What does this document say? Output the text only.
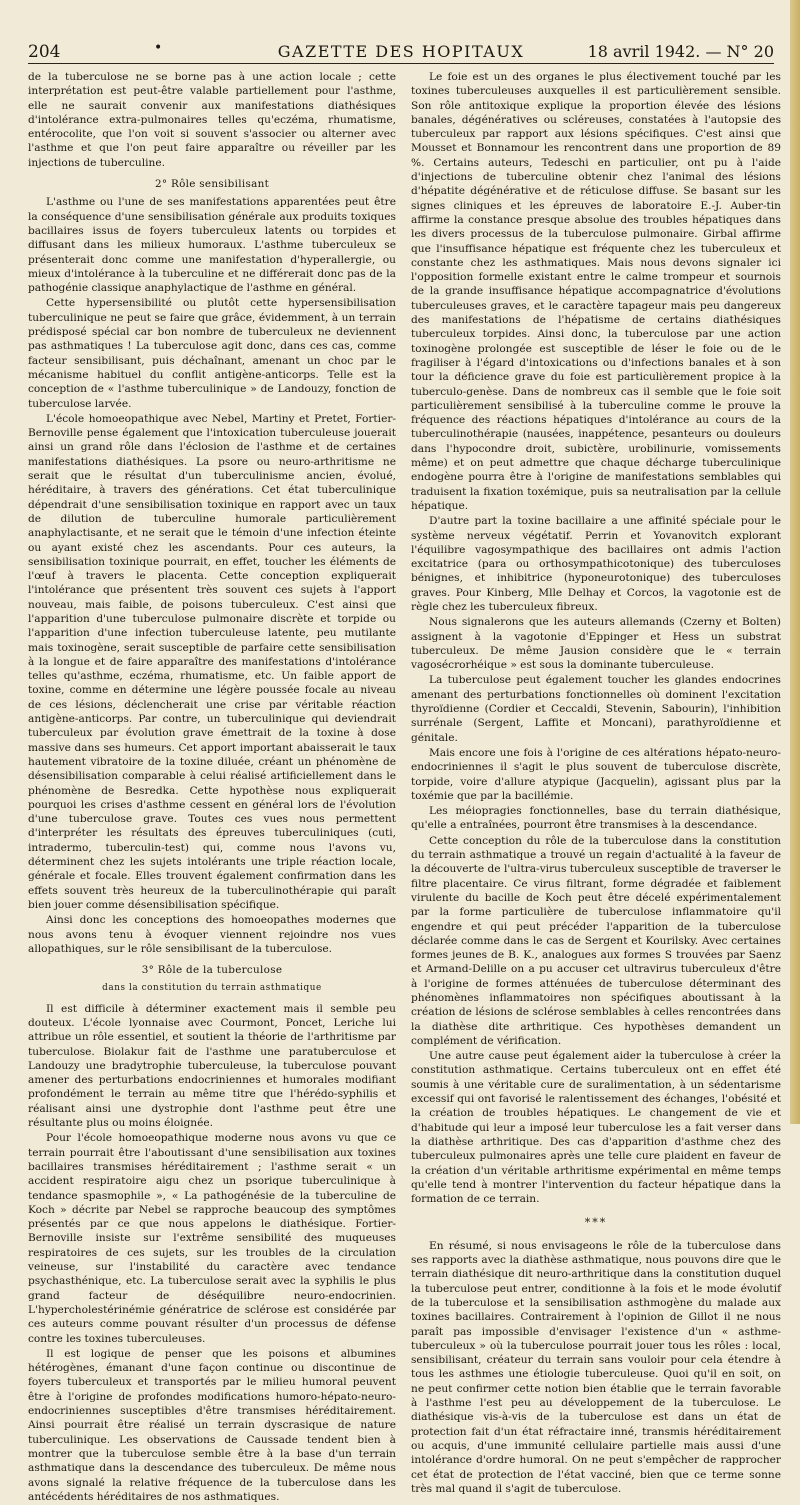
204	•	GAZETTE DES HOPITAUX	18 avril 1942. — N° 20

de la tuberculose ne se borne pas à une action locale ; cette interprétation est peut-être valable partiellement pour l'asthme, elle ne saurait convenir aux manifestations diathésiques d'intolérance extra-pulmonaires telles qu'eczéma, rhumatisme, entérocolite, que l'on voit si souvent s'associer ou alterner avec l'asthme et que l'on peut faire apparaître ou réveiller par les injections de tuberculine.

2° Rôle sensibilisant

L'asthme ou l'une de ses manifestations apparentées peut être la conséquence d'une sensibilisation générale aux produits toxiques bacillaires issus de foyers tuberculeux latents ou torpides et diffusant dans les milieux humoraux. L'asthme tuberculeux se présenterait donc comme une manifestation d'hyperallergie, ou mieux d'intolérance à la tuberculine et ne différerait donc pas de la pathogénie classique anaphylactique de l'asthme en général.

Cette hypersensibilité ou plutôt cette hypersensibilisation tuberculinique ne peut se faire que grâce, évidemment, à un terrain prédisposé spécial car bon nombre de tuberculeux ne deviennent pas asthmatiques ! La tuberculose agit donc, dans ces cas, comme facteur sensibilisant, puis déchaînant, amenant un choc par le mécanisme habituel du conflit antigène-anticorps. Telle est la conception de « l'asthme tuberculinique » de Landouzy, fonction de tuberculose larvée.

L'école homoeopathique avec Nebel, Martiny et Pretet, Fortier-Bernoville pense également que l'intoxication tuberculeuse jouerait ainsi un grand rôle dans l'éclosion de l'asthme et de certaines manifestations diathésiques. La psore ou neuro-arthritisme ne serait que le résultat d'un tuberculinisme ancien, évolué, héréditaire, à travers des générations. Cet état tuberculinique dépendrait d'une sensibilisation toxinique en rapport avec un taux de dilution de tuberculine humorale particulièrement anaphylactisante, et ne serait que le témoin d'une infection éteinte ou ayant existé chez les ascendants. Pour ces auteurs, la sensibilisation toxinique pourrait, en effet, toucher les éléments de l'œuf à travers le placenta. Cette conception expliquerait l'intolérance que présentent très souvent ces sujets à l'apport nouveau, mais faible, de poisons tuberculeux. C'est ainsi que l'apparition d'une tuberculose pulmonaire discrète et torpide ou l'apparition d'une infection tuberculeuse latente, peu mutilante mais toxinogène, serait susceptible de parfaire cette sensibilisation à la longue et de faire apparaître des manifestations d'intolérance telles qu'asthme, eczéma, rhumatisme, etc. Un faible apport de toxine, comme en détermine une légère poussée focale au niveau de ces lésions, déclencherait une crise par véritable réaction antigène-anticorps. Par contre, un tuberculinique qui deviendrait tuberculeux par évolution grave émettrait de la toxine à dose massive dans ses humeurs. Cet apport important abaisserait le taux hautement vibratoire de la toxine diluée, créant un phénomène de désensibilisation comparable à celui réalisé artificiellement dans le phénomène de Besredka. Cette hypothèse nous expliquerait pourquoi les crises d'asthme cessent en général lors de l'évolution d'une tuberculose grave. Toutes ces vues nous permettent d'interpréter les résultats des épreuves tuberculiniques (cuti, intradermo, tuberculin-test) qui, comme nous l'avons vu, déterminent chez les sujets intolérants une triple réaction locale, générale et focale. Elles trouvent également confirmation dans les effets souvent très heureux de la tuberculinothérapie qui paraît bien jouer comme désensibilisation spécifique.

Ainsi donc les conceptions des homoeopathes modernes que nous avons tenu à évoquer viennent rejoindre nos vues allopathiques, sur le rôle sensibilisant de la tuberculose.

3° Rôle de la tuberculose
dans la constitution du terrain asthmatique

Il est difficile à déterminer exactement mais il semble peu douteux. L'école lyonnaise avec Courmont, Poncet, Leriche lui attribue un rôle essentiel, et soutient la théorie de l'arthritisme par tuberculose. Biolakur fait de l'asthme une paratuberculose et Landouzy une bradytrophie tuberculeuse, la tuberculose pouvant amener des perturbations endocriniennes et humorales modifiant profondément le terrain au même titre que l'hérédo-syphilis et réalisant ainsi une dystrophie dont l'asthme peut être une résultante plus ou moins éloignée.

Pour l'école homoeopathique moderne nous avons vu que ce terrain pourrait être l'aboutissant d'une sensibilisation aux toxines bacillaires transmises héréditairement ; l'asthme serait « un accident respiratoire aigu chez un psorique tuberculinique à tendance spasmophile », « La pathogénésie de la tuberculine de Koch » décrite par Nebel se rapproche beaucoup des symptômes présentés par ce que nous appelons le diathésique. Fortier-Bernoville insiste sur l'extrême sensibilité des muqueuses respiratoires de ces sujets, sur les troubles de la circulation veineuse, sur l'instabilité du caractère avec tendance psychasthénique, etc. La tuberculose serait avec la syphilis le plus grand facteur de déséquilibre neuro-endocrinien. L'hypercholestérinémie génératrice de sclérose est considérée par ces auteurs comme pouvant résulter d'un processus de défense contre les toxines tuberculeuses.

Il est logique de penser que les poisons et albumines hétérogènes, émanant d'une façon continue ou discontinue de foyers tuberculeux et transportés par le milieu humoral peuvent être à l'origine de profondes modifications humoro-hépato-neuro-endocriniennes susceptibles d'être transmises héréditairement. Ainsi pourrait être réalisé un terrain dyscrasique de nature tuberculinique. Les observations de Caussade tendent bien à montrer que la tuberculose semble être à la base d'un terrain asthmatique dans la descendance des tuberculeux. De même nous avons signalé la relative fréquence de la tuberculose dans les antécédents héréditaires de nos asthmatiques.

Le foie est un des organes le plus électivement touché par les toxines tuberculeuses auxquelles il est particulièrement sensible. Son rôle antitoxique explique la proportion élevée des lésions banales, dégénératives ou scléreuses, constatées à l'autopsie des tuberculeux par rapport aux lésions spécifiques. C'est ainsi que Mousset et Bonnamour les rencontrent dans une proportion de 89 %. Certains auteurs, Tedeschi en particulier, ont pu à l'aide d'injections de tuberculine obtenir chez l'animal des lésions d'hépatite dégénérative et de réticulose diffuse. Se basant sur les signes cliniques et les épreuves de laboratoire E.-J. Auber-tin affirme la constance presque absolue des troubles hépatiques dans les divers processus de la tuberculose pulmonaire. Girbal affirme que l'insuffisance hépatique est fréquente chez les tuberculeux et constante chez les asthmatiques. Mais nous devons signaler ici l'opposition formelle existant entre le calme trompeur et sournois de la grande insuffisance hépatique accompagnatrice d'évolutions tuberculeuses graves, et le caractère tapageur mais peu dangereux des manifestations de l'hépatisme de certains diathésiques tuberculeux torpides. Ainsi donc, la tuberculose par une action toxinogène prolongée est susceptible de léser le foie ou de le fragiliser à l'égard d'intoxications ou d'infections banales et à son tour la déficience grave du foie est particulièrement propice à la tuberculo-genèse. Dans de nombreux cas il semble que le foie soit particulièrement sensibilisé à la tuberculine comme le prouve la fréquence des réactions hépatiques d'intolérance au cours de la tuberculinothérapie (nausées, inappétence, pesanteurs ou douleurs dans l'hypocondre droit, subictère, urobilinurie, vomissements même) et on peut admettre que chaque décharge tuberculinique endogène pourra être à l'origine de manifestations semblables qui traduisent la fixation toxémique, puis sa neutralisation par la cellule hépatique.

D'autre part la toxine bacillaire a une affinité spéciale pour le système nerveux végétatif. Perrin et Yovanovitch explorant l'équilibre vagosympathique des bacillaires ont admis l'action excitatrice (para ou orthosympathicotonique) des tuberculoses bénignes, et inhibitrice (hyponeurotonique) des tuberculoses graves. Pour Kinberg, Mlle Delhay et Corcos, la vagotonie est de règle chez les tuberculeux fibreux.

Nous signalerons que les auteurs allemands (Czerny et Bolten) assignent à la vagotonie d'Eppinger et Hess un substrat tuberculeux. De même Jausion considère que le « terrain vagosécrorhéique » est sous la dominante tuberculeuse.

La tuberculose peut également toucher les glandes endocrines amenant des perturbations fonctionnelles où dominent l'excitation thyroïdienne (Cordier et Ceccaldi, Stevenin, Sabourin), l'inhibition surrénale (Sergent, Laffite et Moncani), parathyroïdienne et génitale.

Mais encore une fois à l'origine de ces altérations hépato-neuro-endocriniennes il s'agit le plus souvent de tuberculose discrète, torpide, voire d'allure atypique (Jacquelin), agissant plus par la toxémie que par la bacillémie.

Les méiopragies fonctionnelles, base du terrain diathésique, qu'elle a entraînées, pourront être transmises à la descendance.

Cette conception du rôle de la tuberculose dans la constitution du terrain asthmatique a trouvé un regain d'actualité à la faveur de la découverte de l'ultra-virus tuberculeux susceptible de traverser le filtre placentaire. Ce virus filtrant, forme dégradée et faiblement virulente du bacille de Koch peut être décelé expérimentalement par la forme particulière de tuberculose inflammatoire qu'il engendre et qui peut précéder l'apparition de la tuberculose déclarée comme dans le cas de Sergent et Kourilsky. Avec certaines formes jeunes de B. K., analogues aux formes S trouvées par Saenz et Armand-Delille on a pu accuser cet ultravirus tuberculeux d'être à l'origine de formes atténuées de tuberculose déterminant des phénomènes inflammatoires non spécifiques aboutissant à la création de lésions de sclérose semblables à celles rencontrées dans la diathèse dite arthritique. Ces hypothèses demandent un complément de vérification.

Une autre cause peut également aider la tuberculose à créer la constitution asthmatique. Certains tuberculeux ont en effet été soumis à une véritable cure de suralimentation, à un sédentarisme excessif qui ont favorisé le ralentissement des échanges, l'obésité et la création de troubles hépatiques. Le changement de vie et d'habitude qui leur a imposé leur tuberculose les a fait verser dans la diathèse arthritique. Des cas d'apparition d'asthme chez des tuberculeux pulmonaires après une telle cure plaident en faveur de la création d'un véritable arthritisme expérimental en même temps qu'elle tend à montrer l'intervention du facteur hépatique dans la formation de ce terrain.

***

En résumé, si nous envisageons le rôle de la tuberculose dans ses rapports avec la diathèse asthmatique, nous pouvons dire que le terrain diathésique dit neuro-arthritique dans la constitution duquel la tuberculose peut entrer, conditionne à la fois et le mode évolutif de la tuberculose et la sensibilisation asthmogène du malade aux toxines bacillaires. Contrairement à l'opinion de Gillot il ne nous paraît pas impossible d'envisager l'existence d'un « asthme-tuberculeux » où la tuberculose pourrait jouer tous les rôles : local, sensibilisant, créateur du terrain sans vouloir pour cela étendre à tous les asthmes une étiologie tuberculeuse. Quoi qu'il en soit, on ne peut confirmer cette notion bien établie que le terrain favorable à l'asthme l'est peu au développement de la tuberculose. Le diathésique vis-à-vis de la tuberculose est dans un état de protection fait d'un état réfractaire inné, transmis héréditairement ou acquis, d'une immunité cellulaire partielle mais aussi d'une intolérance d'ordre humoral. On ne peut s'empêcher de rapprocher cet état de protection de l'état vacciné, bien que ce terme sonne très mal quand il s'agit de tuberculose.
